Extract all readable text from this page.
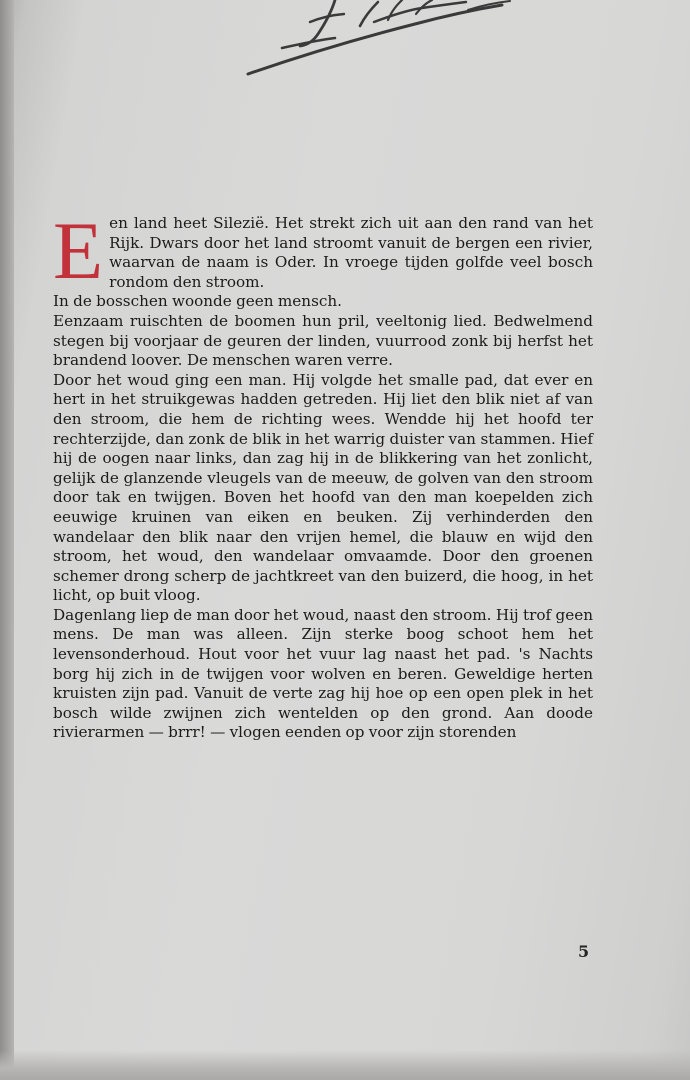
Een land heet Silezië. Het strekt zich uit aan den rand van het Rijk. Dwars door het land stroomt vanuit de bergen een rivier, waarvan de naam is Oder. In vroege tijden golfde veel bosch rondom den stroom.

In de bosschen woonde geen mensch.

Eenzaam ruischten de boomen hun pril, veeltonig lied. Bedwelmend stegen bij voorjaar de geuren der linden, vuurrood zonk bij herfst het brandend loover. De menschen waren verre.

Door het woud ging een man. Hij volgde het smalle pad, dat ever en hert in het struikgewas hadden getreden. Hij liet den blik niet af van den stroom, die hem de richting wees. Wendde hij het hoofd ter rechterzijde, dan zonk de blik in het warrig duister van stammen. Hief hij de oogen naar links, dan zag hij in de blikkering van het zonlicht, gelijk de glanzende vleugels van de meeuw, de golven van den stroom door tak en twijgen. Boven het hoofd van den man koepelden zich eeuwige kruinen van eiken en beuken. Zij verhinderden den wandelaar den blik naar den vrijen hemel, die blauw en wijd den stroom, het woud, den wandelaar omvaamde. Door den groenen schemer drong scherp de jachtkreet van den buizerd, die hoog, in het licht, op buit vloog.

Dagenlang liep de man door het woud, naast den stroom. Hij trof geen mens. De man was alleen. Zijn sterke boog schoot hem het levensonderhoud. Hout voor het vuur lag naast het pad. 's Nachts borg hij zich in de twijgen voor wolven en beren. Geweldige herten kruisten zijn pad. Vanuit de verte zag hij hoe op een open plek in het bosch wilde zwijnen zich wentelden op den grond. Aan doode rivierarmen — brrr! — vlogen eenden op voor zijn storenden

5
